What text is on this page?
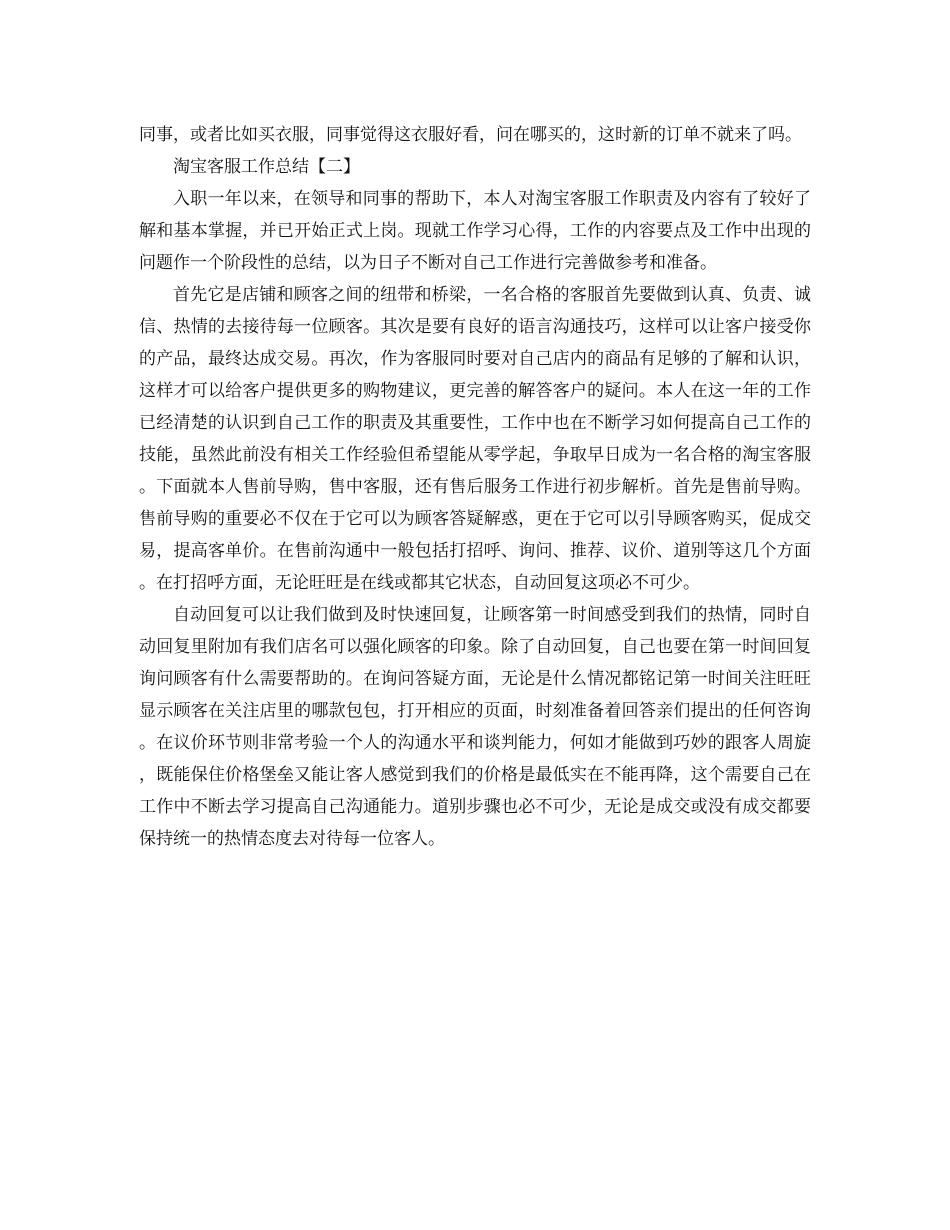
同事，或者比如买衣服，同事觉得这衣服好看，问在哪买的，这时新的订单不就来了吗。

淘宝客服工作总结【二】

入职一年以来，在领导和同事的帮助下，本人对淘宝客服工作职责及内容有了较好了解和基本掌握，并已开始正式上岗。现就工作学习心得，工作的内容要点及工作中出现的问题作一个阶段性的总结，以为日子不断对自己工作进行完善做参考和准备。

首先它是店铺和顾客之间的纽带和桥梁，一名合格的客服首先要做到认真、负责、诚信、热情的去接待每一位顾客。其次是要有良好的语言沟通技巧，这样可以让客户接受你的产品，最终达成交易。再次，作为客服同时要对自己店内的商品有足够的了解和认识，这样才可以给客户提供更多的购物建议，更完善的解答客户的疑问。本人在这一年的工作已经清楚的认识到自己工作的职责及其重要性，工作中也在不断学习如何提高自己工作的技能，虽然此前没有相关工作经验但希望能从零学起，争取早日成为一名合格的淘宝客服。下面就本人售前导购，售中客服，还有售后服务工作进行初步解析。首先是售前导购。售前导购的重要必不仅在于它可以为顾客答疑解惑，更在于它可以引导顾客购买，促成交易，提高客单价。在售前沟通中一般包括打招呼、询问、推荐、议价、道别等这几个方面。在打招呼方面，无论旺旺是在线或都其它状态，自动回复这项必不可少。

自动回复可以让我们做到及时快速回复，让顾客第一时间感受到我们的热情，同时自动回复里附加有我们店名可以强化顾客的印象。除了自动回复，自己也要在第一时间回复询问顾客有什么需要帮助的。在询问答疑方面，无论是什么情况都铭记第一时间关注旺旺显示顾客在关注店里的哪款包包，打开相应的页面，时刻准备着回答亲们提出的任何咨询。在议价环节则非常考验一个人的沟通水平和谈判能力，何如才能做到巧妙的跟客人周旋，既能保住价格堡垒又能让客人感觉到我们的价格是最低实在不能再降，这个需要自己在工作中不断去学习提高自己沟通能力。道别步骤也必不可少，无论是成交或没有成交都要保持统一的热情态度去对待每一位客人。
